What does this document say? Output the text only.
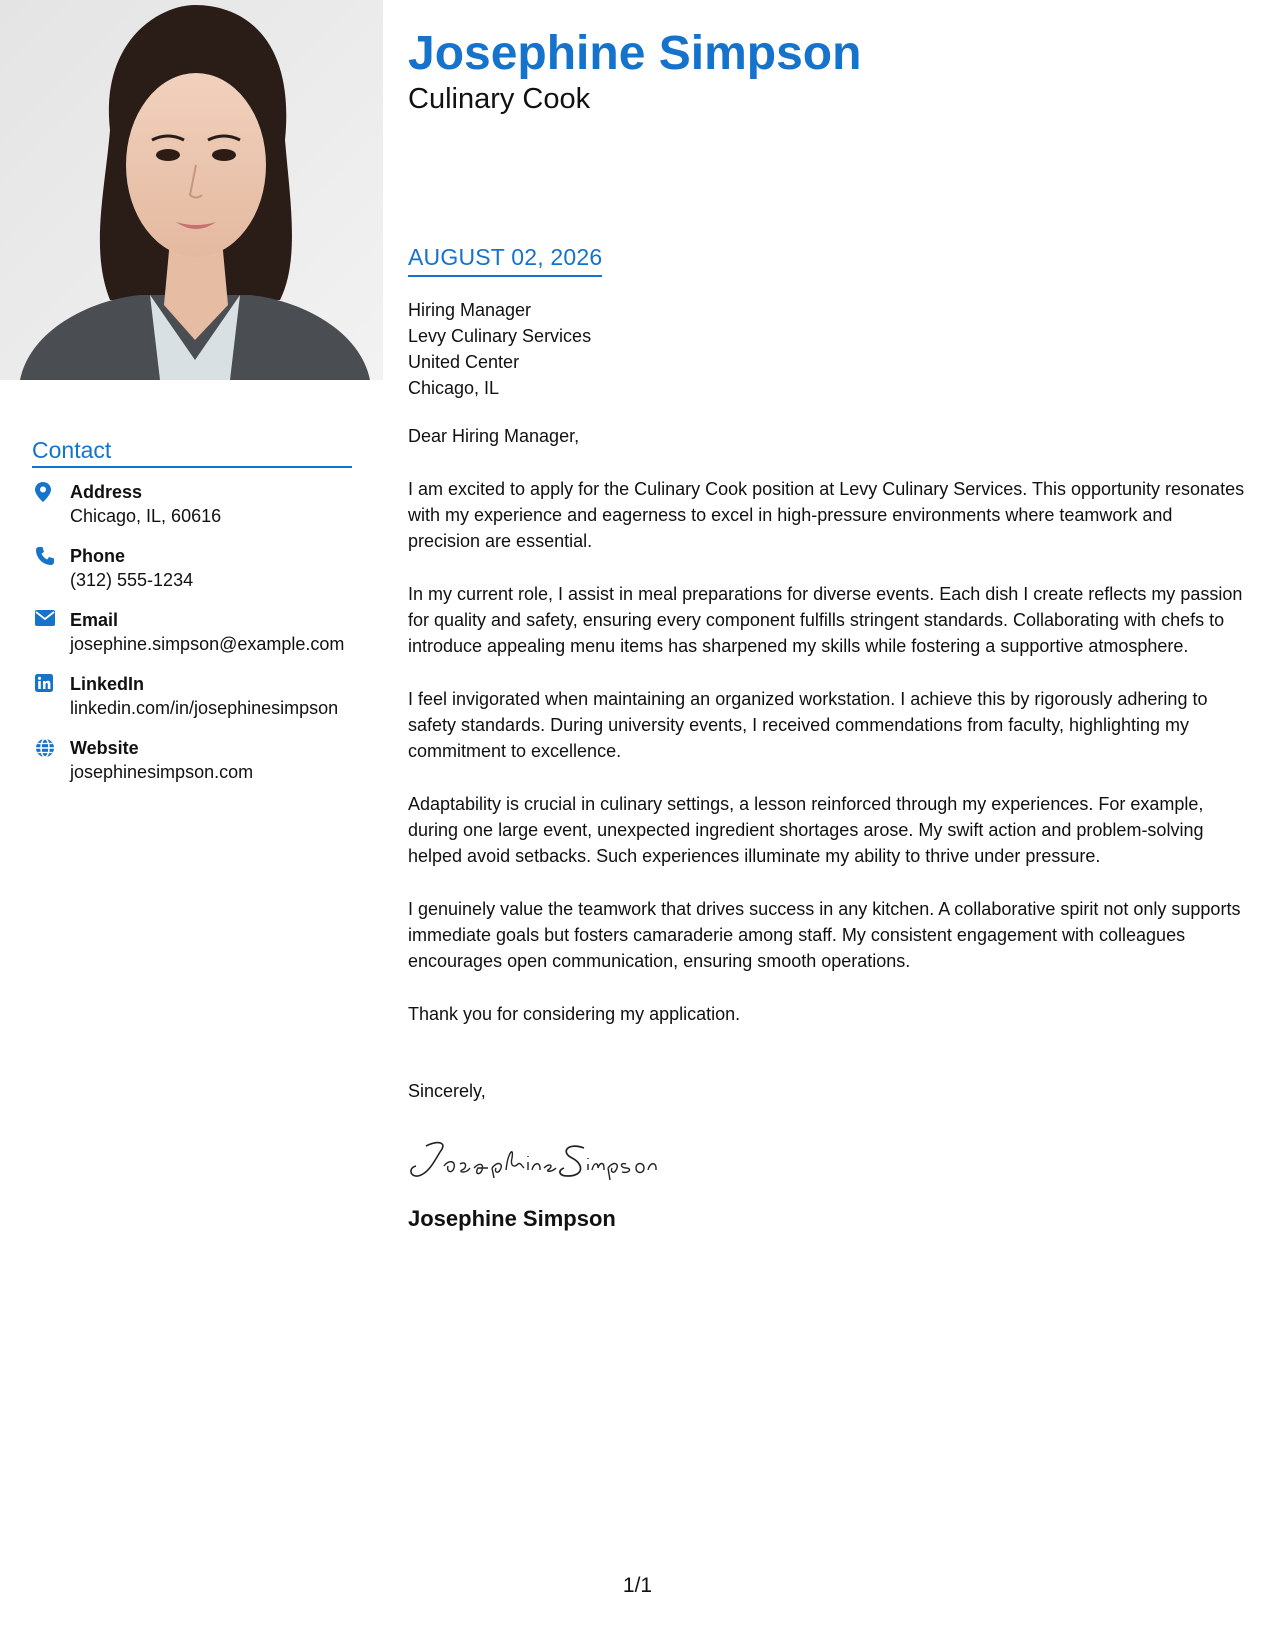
Contact
Address
Chicago, IL, 60616
Phone
(312) 555-1234
Email
josephine.simpson@example.com
LinkedIn
linkedin.com/in/josephinesimpson
Website
josephinesimpson.com
Josephine Simpson
Culinary Cook
AUGUST 02, 2026
Hiring Manager
Levy Culinary Services
United Center
Chicago, IL

Dear Hiring Manager,

I am excited to apply for the Culinary Cook position at Levy Culinary Services. This opportunity resonates with my experience and eagerness to excel in high-pressure environments where teamwork and precision are essential.

In my current role, I assist in meal preparations for diverse events. Each dish I create reflects my passion for quality and safety, ensuring every component fulfills stringent standards. Collaborating with chefs to introduce appealing menu items has sharpened my skills while fostering a supportive atmosphere.

I feel invigorated when maintaining an organized workstation. I achieve this by rigorously adhering to safety standards. During university events, I received commendations from faculty, highlighting my commitment to excellence.

Adaptability is crucial in culinary settings, a lesson reinforced through my experiences. For example, during one large event, unexpected ingredient shortages arose. My swift action and problem-solving helped avoid setbacks. Such experiences illuminate my ability to thrive under pressure.

I genuinely value the teamwork that drives success in any kitchen. A collaborative spirit not only supports immediate goals but fosters camaraderie among staff. My consistent engagement with colleagues encourages open communication, ensuring smooth operations.

Thank you for considering my application.

Sincerely,
Josephine Simpson
1/1
